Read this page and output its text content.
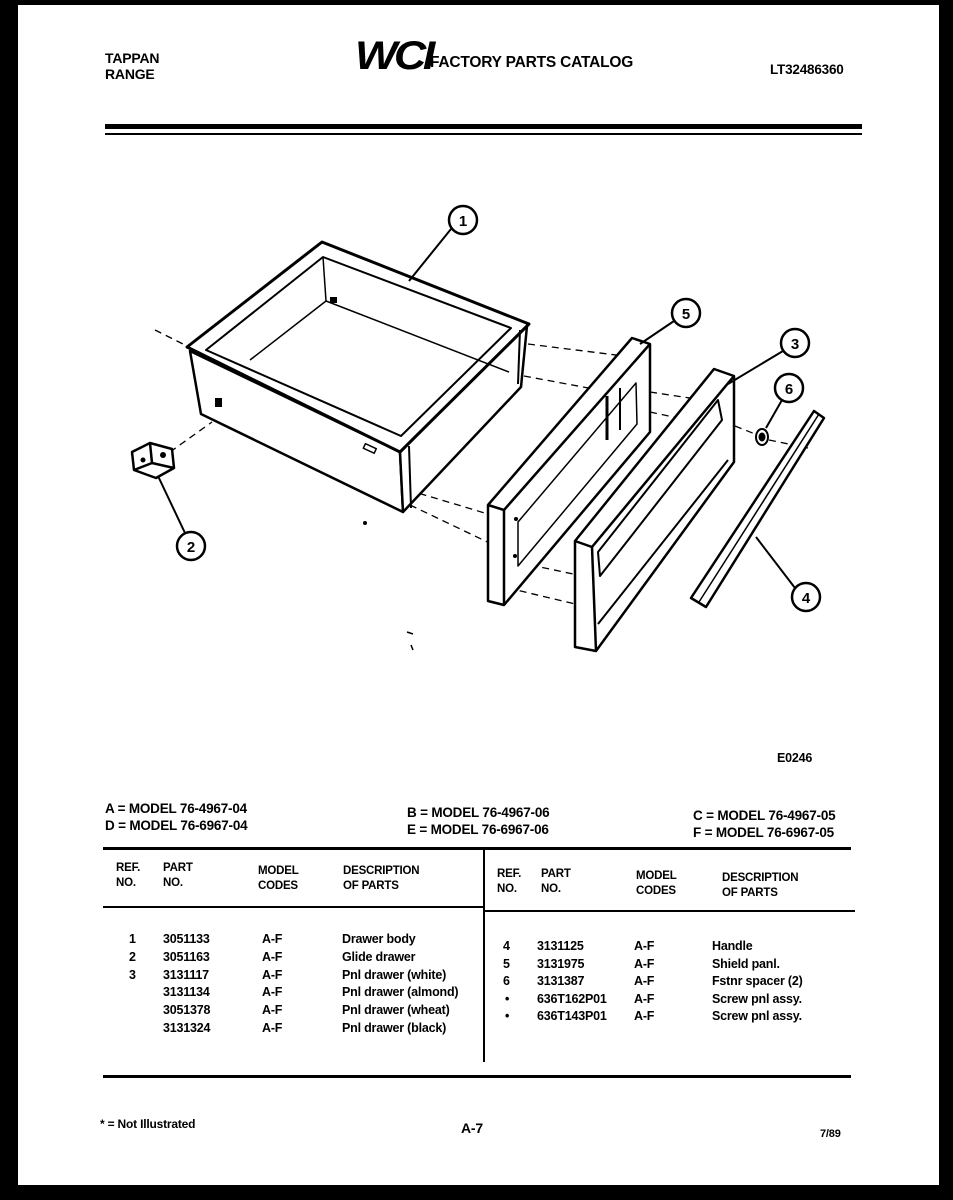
TAPPAN
RANGE	WCI
FACTORY PARTS CATALOG	LT32486360
1
5
3
6
2
4
E0246
A = MODEL 76-4967-04
D = MODEL 76-6967-04
B = MODEL 76-4967-06
E = MODEL 76-6967-06
C = MODEL 76-4967-05
F = MODEL 76-6967-05
REF.
NO.
PART
NO.
MODEL
CODES
DESCRIPTION
OF PARTS
REF.
NO.
PART
NO.
MODEL
CODES
DESCRIPTION
OF PARTS
1 3051133	A-F	Drawer body
2 3051163	A-F	Glide drawer
3 3131117	A-F	Pnl drawer (white)
3131134	A-F	Pnl drawer (almond)
3051378	A-F	Pnl drawer (wheat)
3131324	A-F	Pnl drawer (black)
4 3131125	A-F	Handle
5 3131975	A-F	Shield panl.
6 3131387	A-F	Fstnr spacer (2)
• 636T162P01 A-F	Screw pnl assy.
• 636T143P01 A-F	Screw pnl assy.
* = Not Illustrated	A-7	7/89
